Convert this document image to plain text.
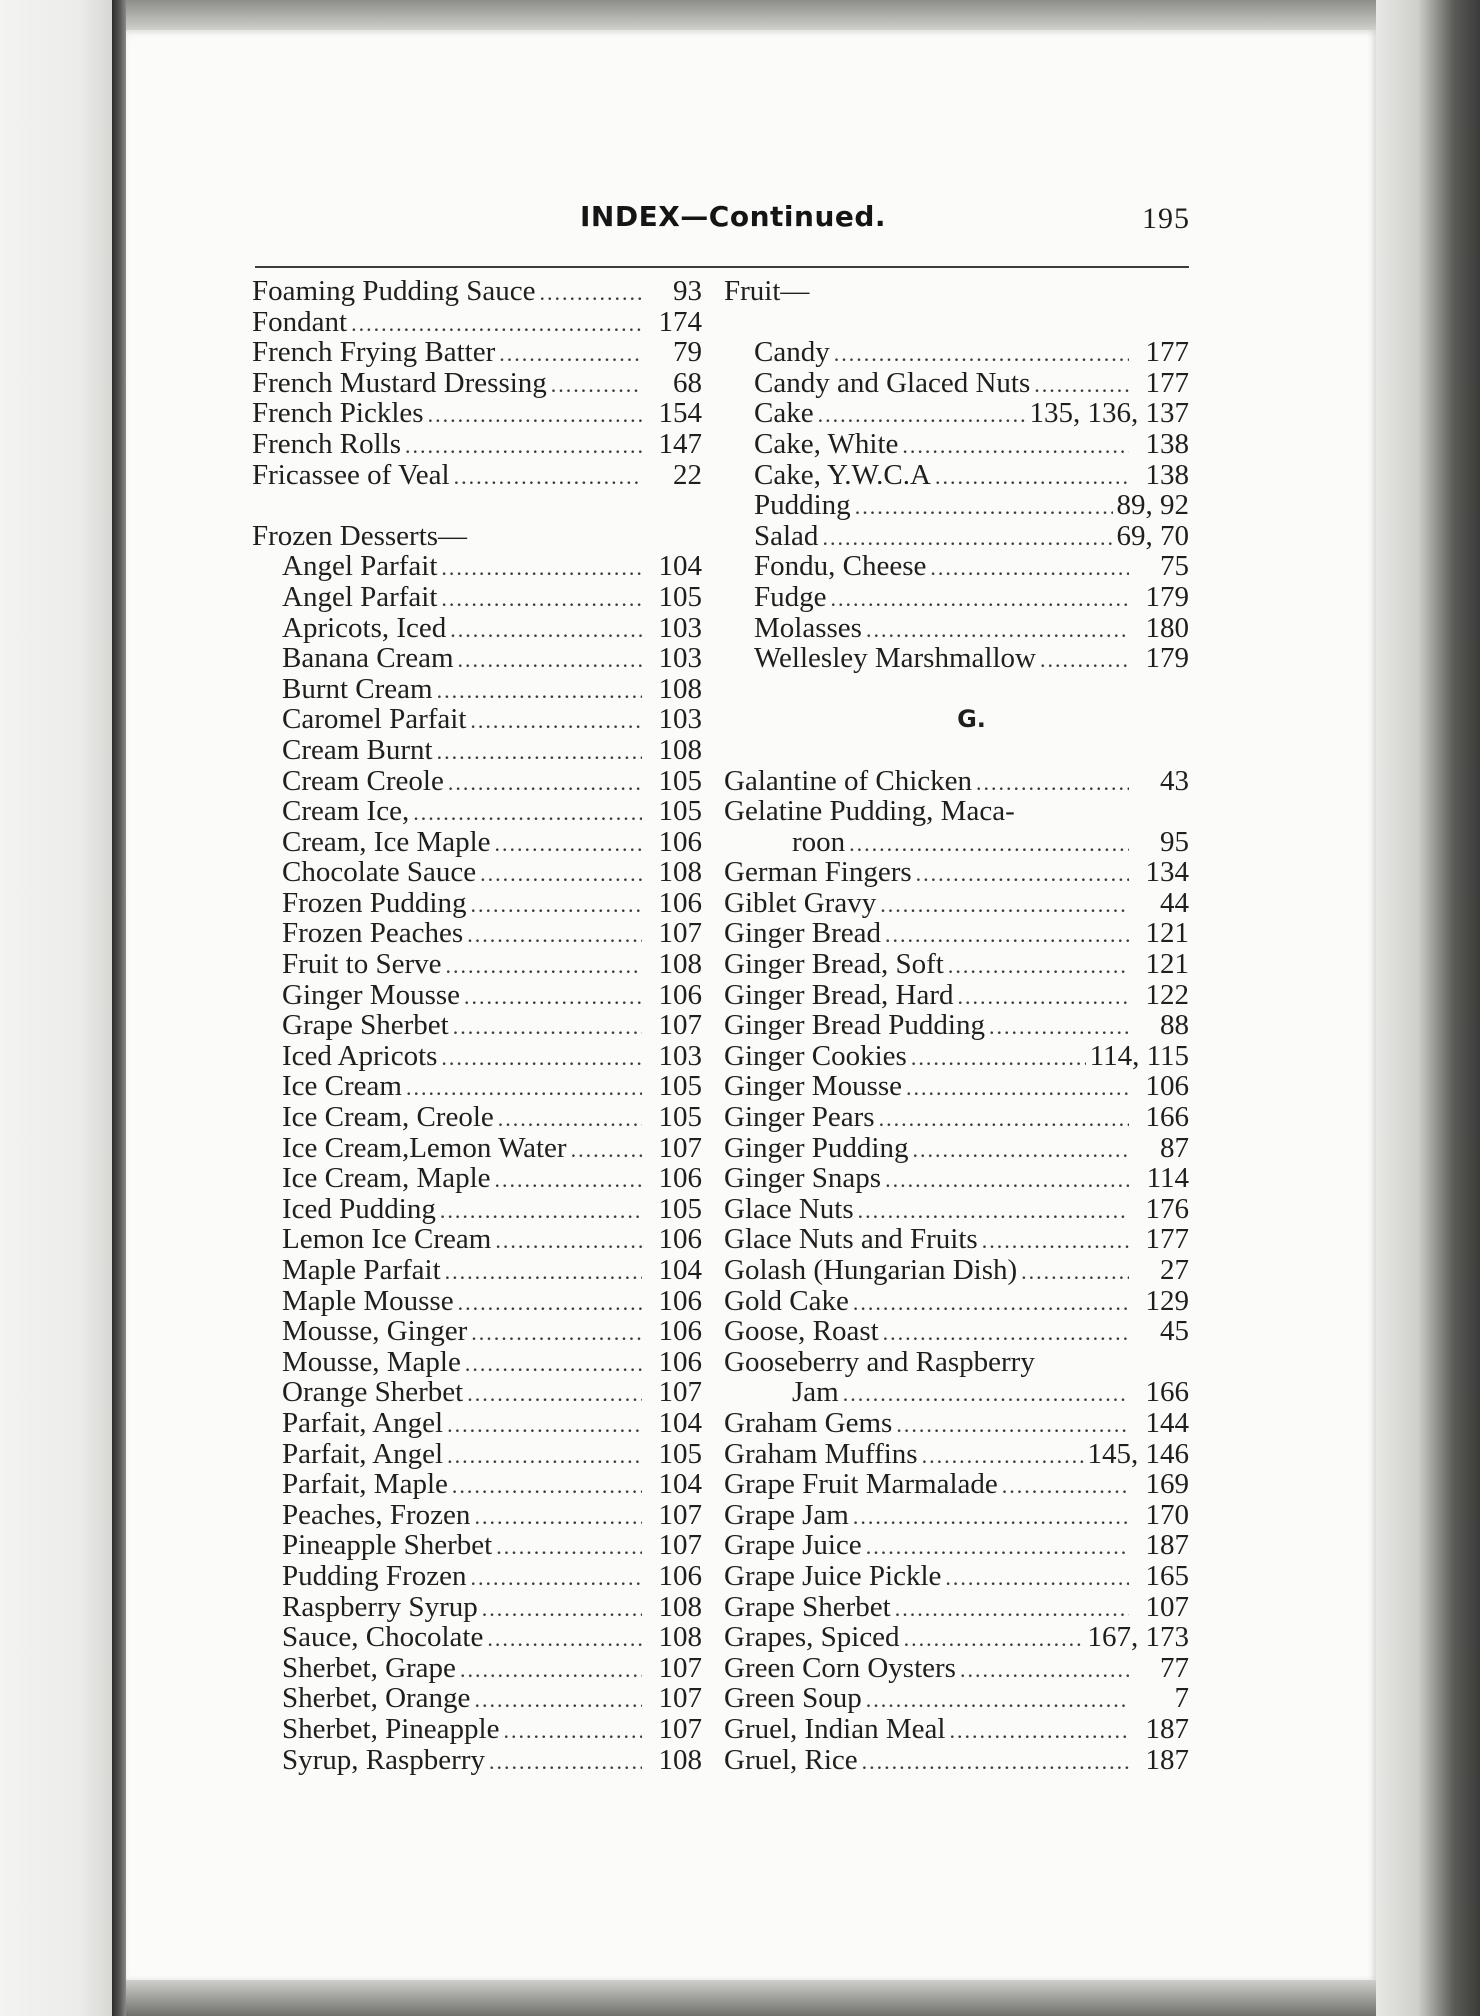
INDEX—Continued.	195
Foaming Pudding Sauce .....	93
Fondant .....	174
French Frying Batter .....	79
French Mustard Dressing .....	68
French Pickles .....	154
French Rolls .....	147
Fricassee of Veal .....	22
Frozen Desserts—
Angel Parfait .....	104
Angel Parfait .....	105
Apricots, Iced .....	103
Banana Cream .....	103
Burnt Cream .....	108
Caromel Parfait .....	103
Cream Burnt .....	108
Cream Creole .....	105
Cream Ice, .....	105
Cream, Ice Maple .....	106
Chocolate Sauce .....	108
Frozen Pudding .....	106
Frozen Peaches .....	107
Fruit to Serve .....	108
Ginger Mousse .....	106
Grape Sherbet .....	107
Iced Apricots .....	103
Ice Cream .....	105
Ice Cream, Creole .....	105
Ice Cream,Lemon Water .....	107
Ice Cream, Maple .....	106
Iced Pudding .....	105
Lemon Ice Cream .....	106
Maple Parfait .....	104
Maple Mousse .....	106
Mousse, Ginger .....	106
Mousse, Maple .....	106
Orange Sherbet .....	107
Parfait, Angel .....	104
Parfait, Angel .....	105
Parfait, Maple .....	104
Peaches, Frozen .....	107
Pineapple Sherbet .....	107
Pudding Frozen .....	106
Raspberry Syrup .....	108
Sauce, Chocolate .....	108
Sherbet, Grape .....	107
Sherbet, Orange .....	107
Sherbet, Pineapple .....	107
Syrup, Raspberry .....	108
Fruit—
Candy .....	177
Candy and Glaced Nuts .....	177
Cake .....	135, 136, 137
Cake, White .....	138
Cake, Y.W.C.A .....	138
Pudding .....	89, 92
Salad .....	69, 70
Fondu, Cheese .....	75
Fudge .....	179
Molasses .....	180
Wellesley Marshmallow .....	179
G.
Galantine of Chicken .....	43
Gelatine Pudding, Maca-
roon .....	95
German Fingers .....	134
Giblet Gravy .....	44
Ginger Bread .....	121
Ginger Bread, Soft .....	121
Ginger Bread, Hard .....	122
Ginger Bread Pudding .....	88
Ginger Cookies .....	114, 115
Ginger Mousse .....	106
Ginger Pears .....	166
Ginger Pudding .....	87
Ginger Snaps .....	114
Glace Nuts .....	176
Glace Nuts and Fruits .....	177
Golash (Hungarian Dish) .....	27
Gold Cake .....	129
Goose, Roast .....	45
Gooseberry and Raspberry
Jam .....	166
Graham Gems .....	144
Graham Muffins .....	145, 146
Grape Fruit Marmalade .....	169
Grape Jam .....	170
Grape Juice .....	187
Grape Juice Pickle .....	165
Grape Sherbet .....	107
Grapes, Spiced .....	167, 173
Green Corn Oysters .....	77
Green Soup .....	7
Gruel, Indian Meal .....	187
Gruel, Rice .....	187
